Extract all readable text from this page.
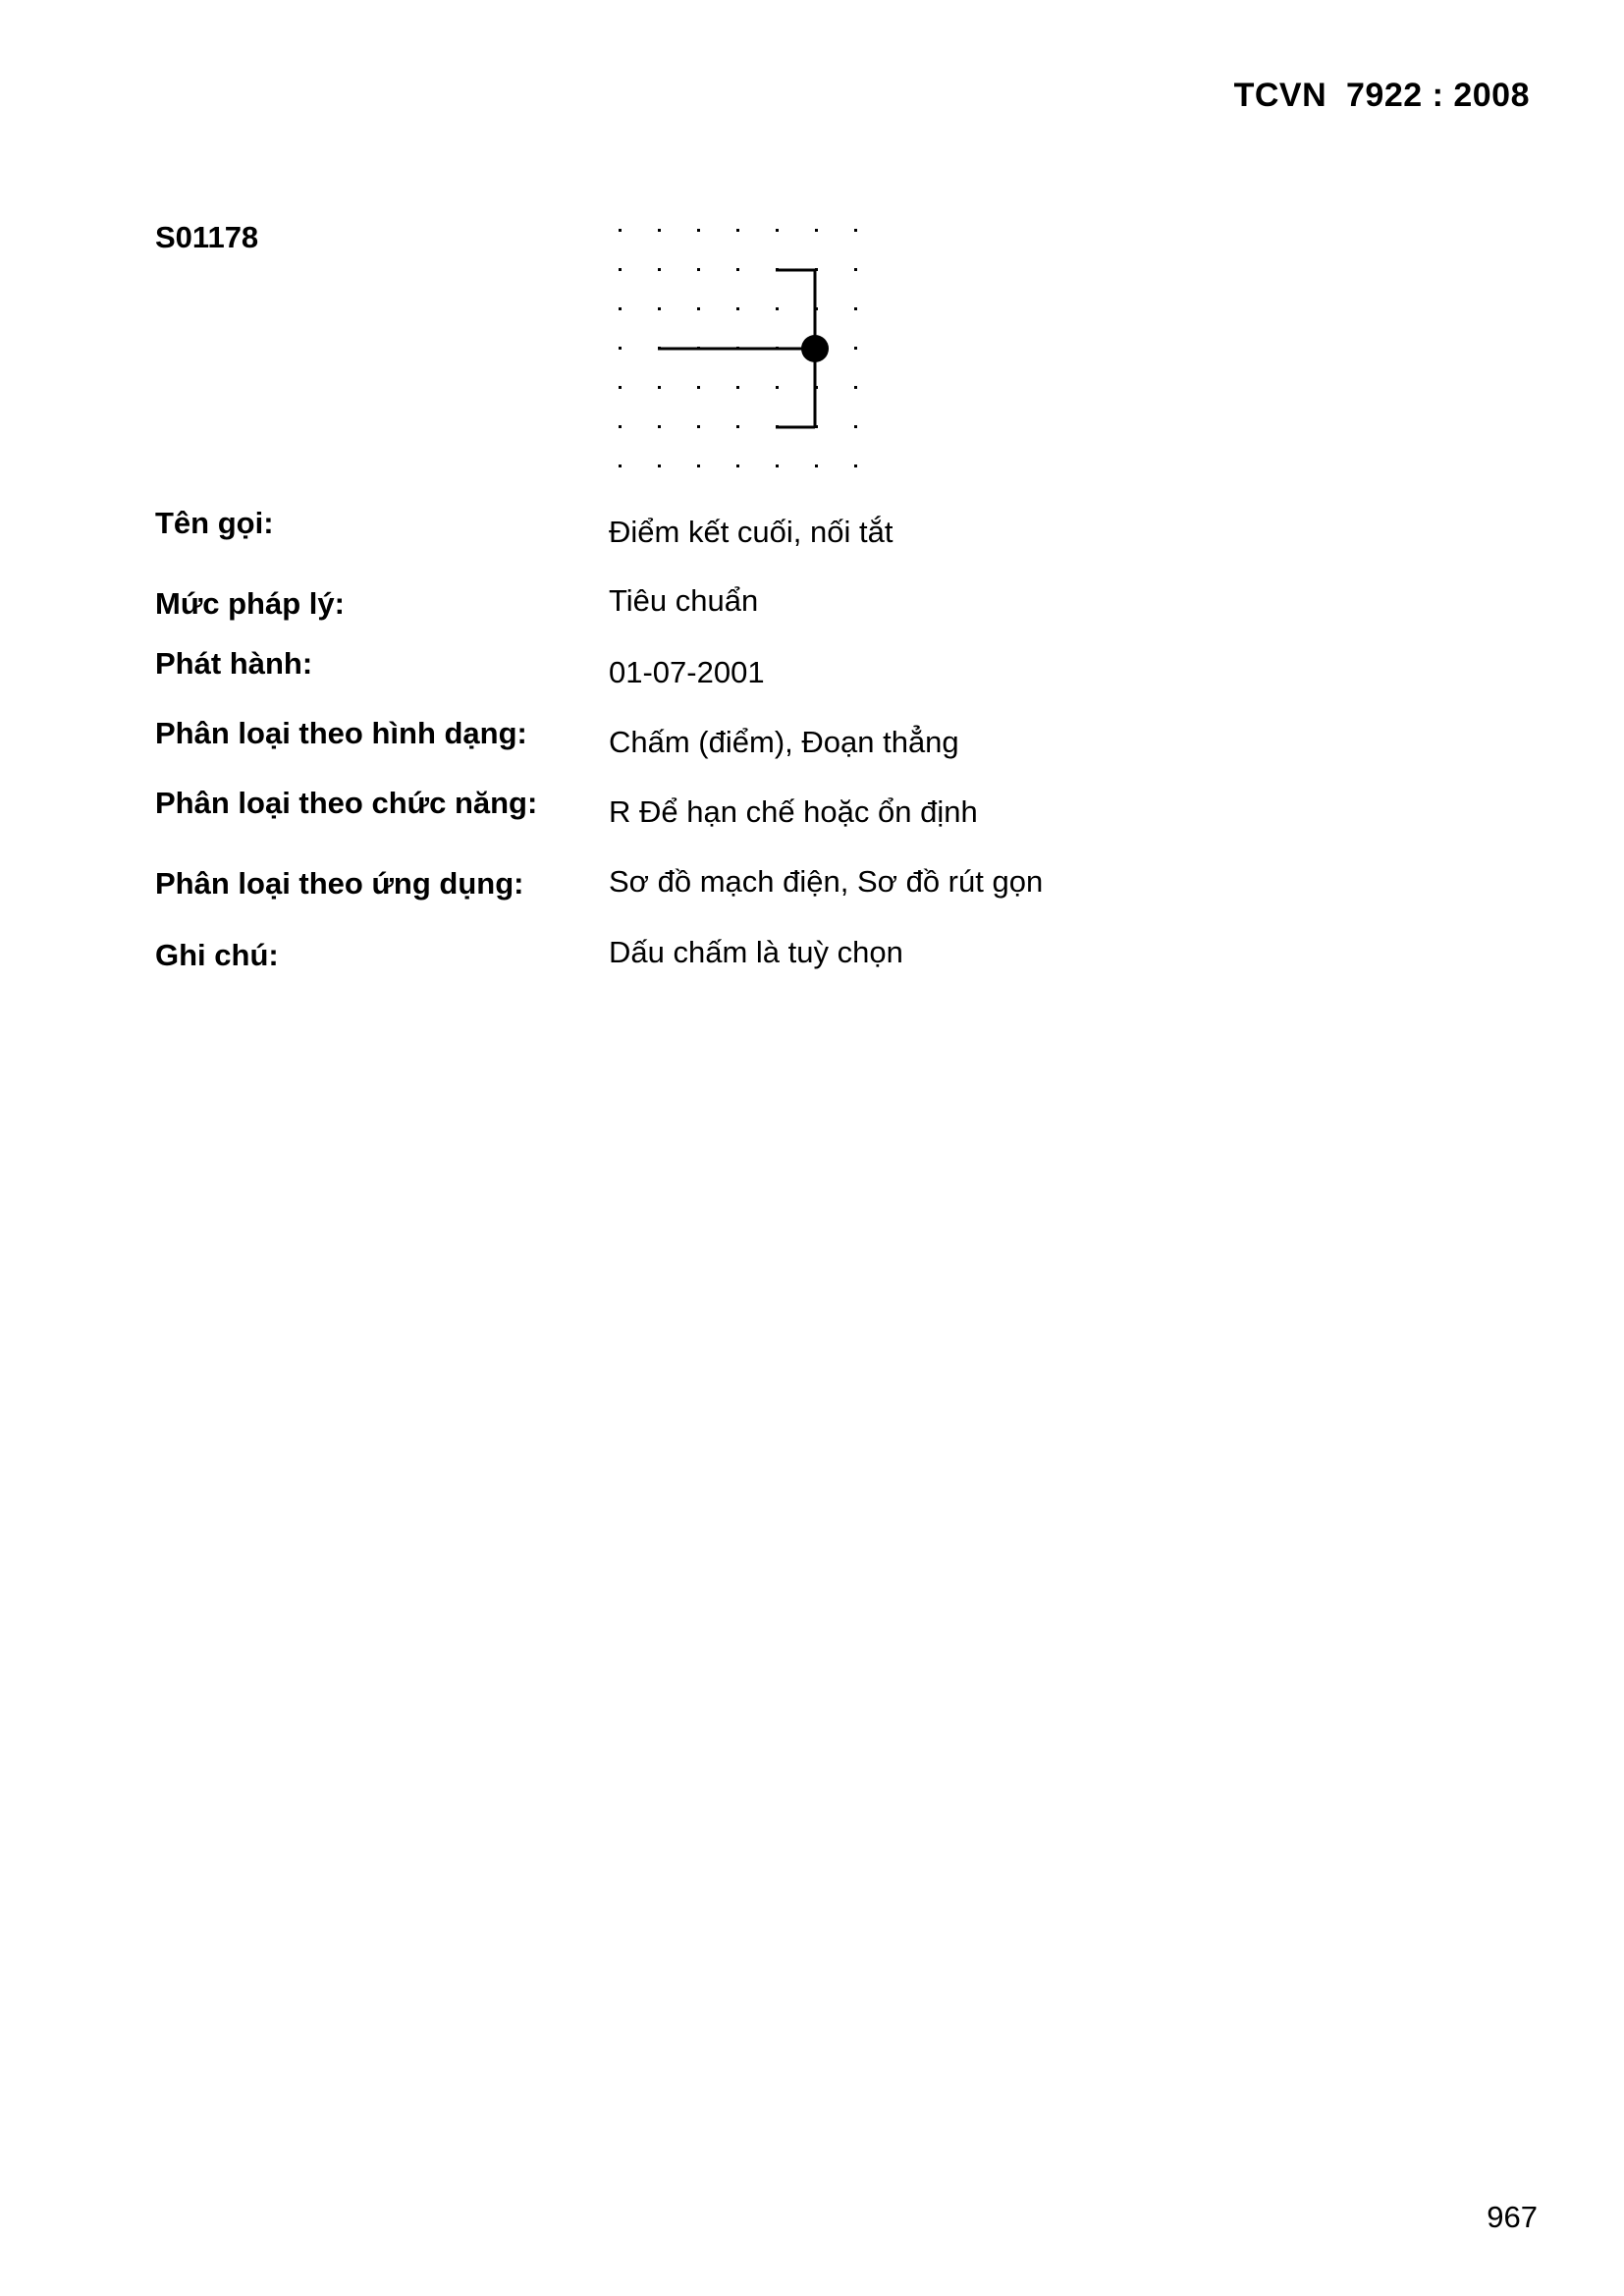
TCVN  7922 : 2008
S01178
Tên gọi:	Điểm kết cuối, nối tắt
Mức pháp lý:	Tiêu chuẩn
Phát hành:	01-07-2001
Phân loại theo hình dạng:	Chấm (điểm), Đoạn thẳng
Phân loại theo chức năng: R Để hạn chế hoặc ổn định
Phân loại theo ứng dụng:	Sơ đồ mạch điện, Sơ đồ rút gọn
Ghi chú:	Dấu chấm là tuỳ chọn
967
